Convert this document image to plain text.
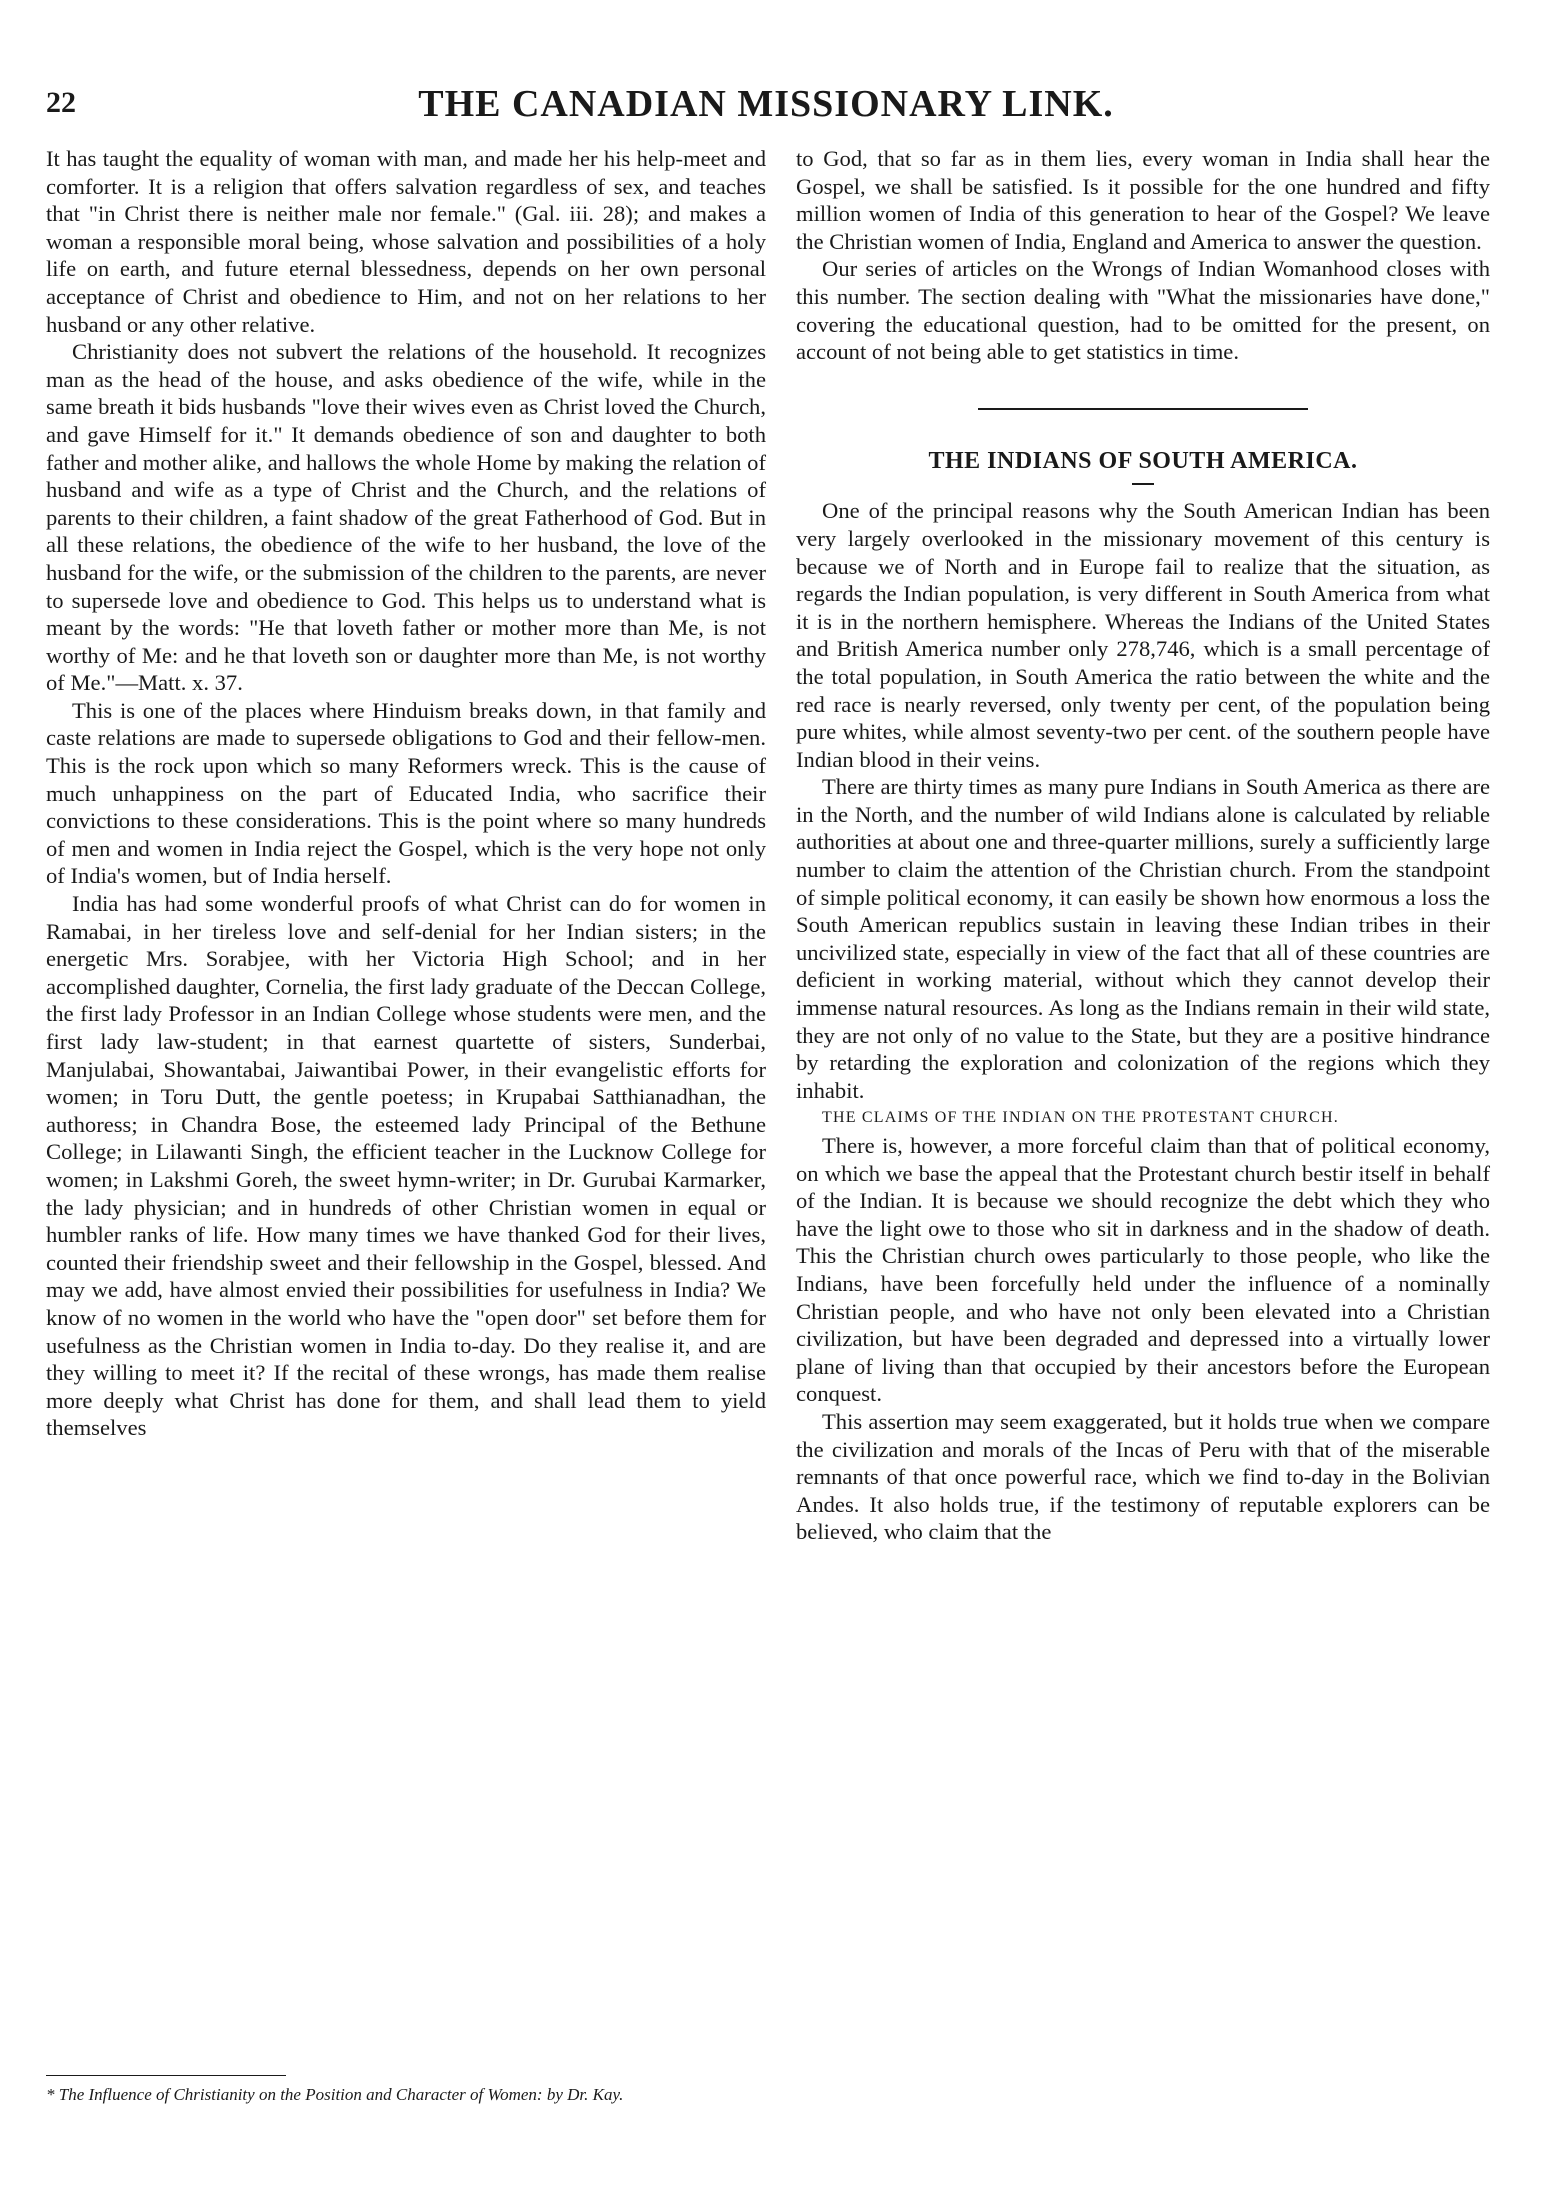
22	THE CANADIAN MISSIONARY LINK.

It has taught the equality of woman with man, and made her his help-meet and comforter. It is a religion that offers salvation regardless of sex, and teaches that "in Christ there is neither male nor female." (Gal. iii. 28); and makes a woman a responsible moral being, whose salvation and possibilities of a holy life on earth, and future eternal blessedness, depends on her own personal acceptance of Christ and obedience to Him, and not on her relations to her husband or any other relative.

Christianity does not subvert the relations of the household. It recognizes man as the head of the house, and asks obedience of the wife, while in the same breath it bids husbands "love their wives even as Christ loved the Church, and gave Himself for it." It demands obedience of son and daughter to both father and mother alike, and hallows the whole Home by making the relation of husband and wife as a type of Christ and the Church, and the relations of parents to their children, a faint shadow of the great Fatherhood of God. But in all these relations, the obedience of the wife to her husband, the love of the husband for the wife, or the submission of the children to the parents, are never to supersede love and obedience to God. This helps us to understand what is meant by the words: "He that loveth father or mother more than Me, is not worthy of Me: and he that loveth son or daughter more than Me, is not worthy of Me."—Matt. x. 37.

This is one of the places where Hinduism breaks down, in that family and caste relations are made to supersede obligations to God and their fellow-men. This is the rock upon which so many Reformers wreck. This is the cause of much unhappiness on the part of Educated India, who sacrifice their convictions to these considerations. This is the point where so many hundreds of men and women in India reject the Gospel, which is the very hope not only of India's women, but of India herself.

India has had some wonderful proofs of what Christ can do for women in Ramabai, in her tireless love and self-denial for her Indian sisters; in the energetic Mrs. Sorabjee, with her Victoria High School; and in her accomplished daughter, Cornelia, the first lady graduate of the Deccan College, the first lady Professor in an Indian College whose students were men, and the first lady law-student; in that earnest quartette of sisters, Sunderbai, Manjulabai, Showantabai, Jaiwantibai Power, in their evangelistic efforts for women; in Toru Dutt, the gentle poetess; in Krupabai Satthianadhan, the authoress; in Chandra Bose, the esteemed lady Principal of the Bethune College; in Lilawanti Singh, the efficient teacher in the Lucknow College for women; in Lakshmi Goreh, the sweet hymn-writer; in Dr. Gurubai Karmarker, the lady physician; and in hundreds of other Christian women in equal or humbler ranks of life. How many times we have thanked God for their lives, counted their friendship sweet and their fellowship in the Gospel, blessed. And may we add, have almost envied their possibilities for usefulness in India? We know of no women in the world who have the "open door" set before them for usefulness as the Christian women in India to-day. Do they realise it, and are they willing to meet it? If the recital of these wrongs, has made them realise more deeply what Christ has done for them, and shall lead them to yield themselves

* The Influence of Christianity on the Position and Character of Women: by Dr. Kay.

to God, that so far as in them lies, every woman in India shall hear the Gospel, we shall be satisfied. Is it possible for the one hundred and fifty million women of India of this generation to hear of the Gospel? We leave the Christian women of India, England and America to answer the question.

Our series of articles on the Wrongs of Indian Womanhood closes with this number. The section dealing with "What the missionaries have done," covering the educational question, had to be omitted for the present, on account of not being able to get statistics in time.

THE INDIANS OF SOUTH AMERICA.

One of the principal reasons why the South American Indian has been very largely overlooked in the missionary movement of this century is because we of North and in Europe fail to realize that the situation, as regards the Indian population, is very different in South America from what it is in the northern hemisphere. Whereas the Indians of the United States and British America number only 278,746, which is a small percentage of the total population, in South America the ratio between the white and the red race is nearly reversed, only twenty per cent, of the population being pure whites, while almost seventy-two per cent. of the southern people have Indian blood in their veins.

There are thirty times as many pure Indians in South America as there are in the North, and the number of wild Indians alone is calculated by reliable authorities at about one and three-quarter millions, surely a sufficiently large number to claim the attention of the Christian church. From the standpoint of simple political economy, it can easily be shown how enormous a loss the South American republics sustain in leaving these Indian tribes in their uncivilized state, especially in view of the fact that all of these countries are deficient in working material, without which they cannot develop their immense natural resources. As long as the Indians remain in their wild state, they are not only of no value to the State, but they are a positive hindrance by retarding the exploration and colonization of the regions which they inhabit.

THE CLAIMS OF THE INDIAN ON THE PROTESTANT CHURCH.

There is, however, a more forceful claim than that of political economy, on which we base the appeal that the Protestant church bestir itself in behalf of the Indian. It is because we should recognize the debt which they who have the light owe to those who sit in darkness and in the shadow of death. This the Christian church owes particularly to those people, who like the Indians, have been forcefully held under the influence of a nominally Christian people, and who have not only been elevated into a Christian civilization, but have been degraded and depressed into a virtually lower plane of living than that occupied by their ancestors before the European conquest.

This assertion may seem exaggerated, but it holds true when we compare the civilization and morals of the Incas of Peru with that of the miserable remnants of that once powerful race, which we find to-day in the Bolivian Andes. It also holds true, if the testimony of reputable explorers can be believed, who claim that the
